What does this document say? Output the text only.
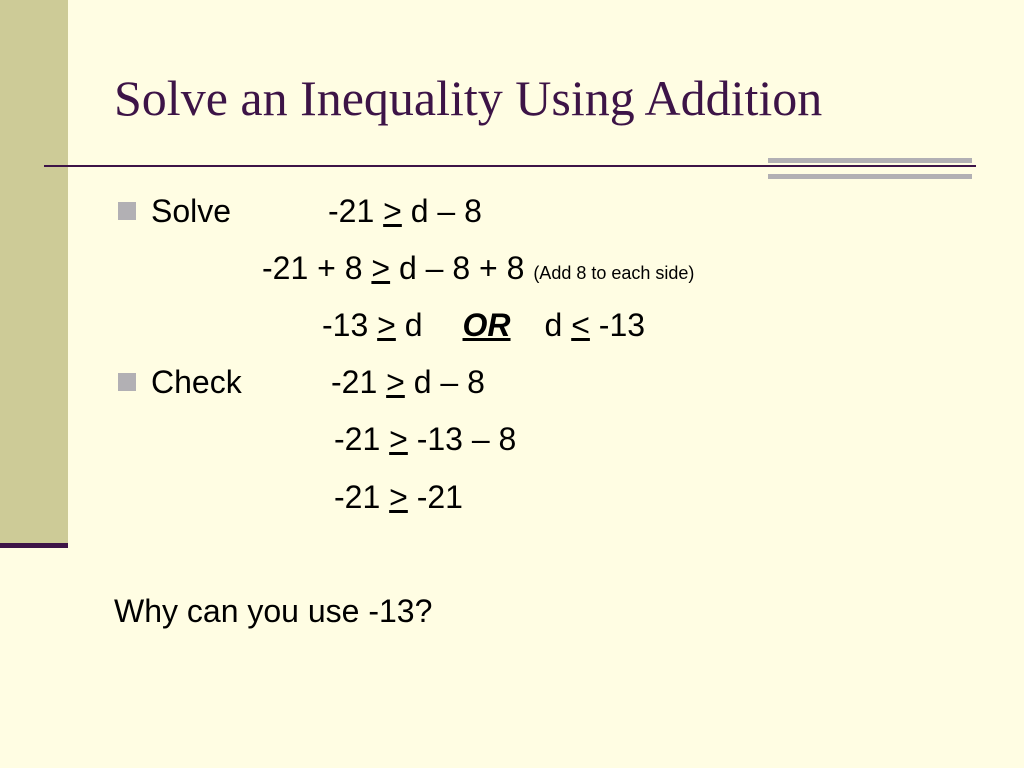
Solve an Inequality Using Addition
Solve	-21 > d – 8
-21 + 8 > d – 8 + 8 (Add 8 to each side)
-13 > d OR d < -13
Check	-21 > d – 8
-21 > -13 – 8
-21 > -21
Why can you use -13?
